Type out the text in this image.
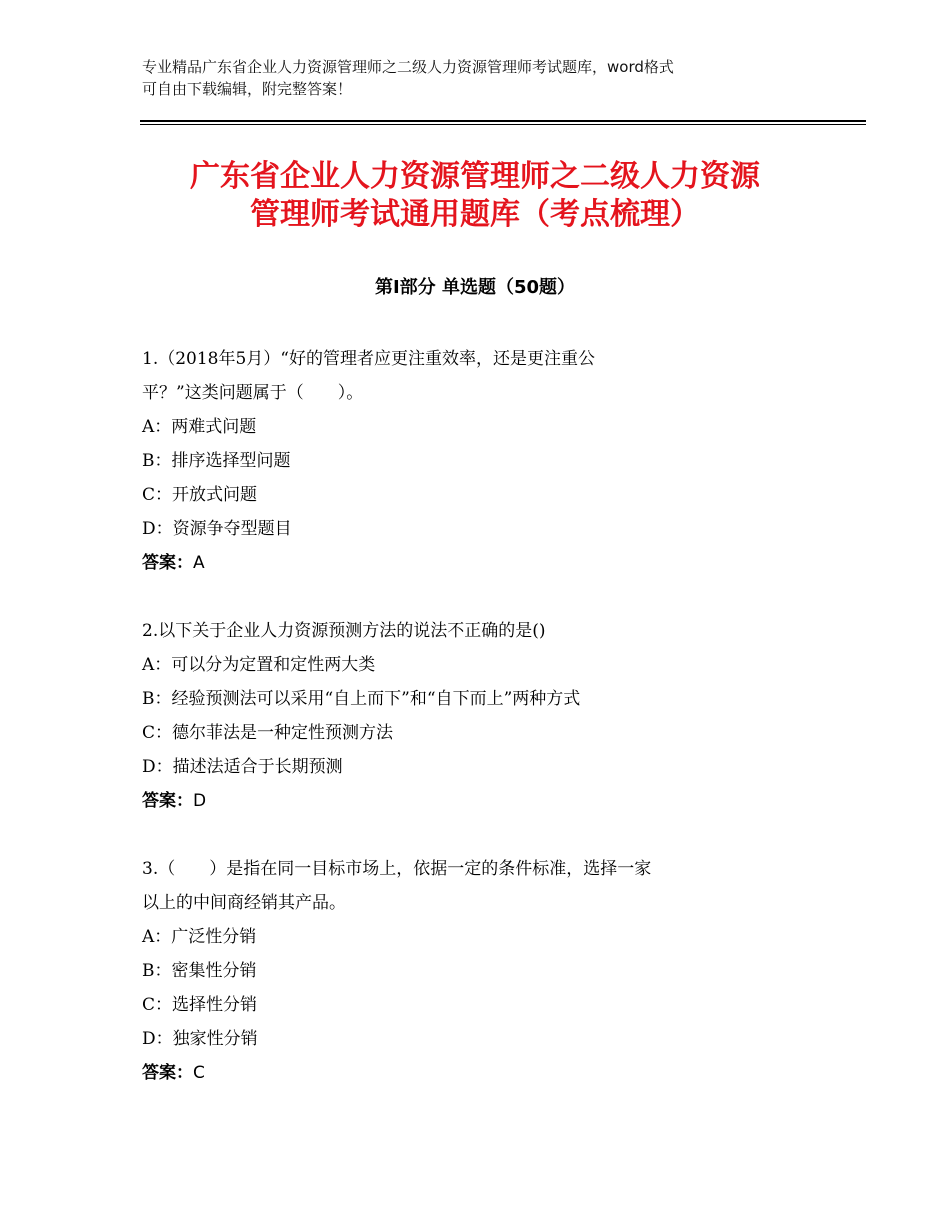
专业精品广东省企业人力资源管理师之二级人力资源管理师考试题库，word格式
可自由下载编辑，附完整答案！
广东省企业人力资源管理师之二级人力资源
管理师考试通用题库（考点梳理）
第Ⅰ部分 单选题（50题）
1.（2018年5月）“好的管理者应更注重效率，还是更注重公
平？”这类问题属于（　　）。
A：两难式问题
B：排序选择型问题
C：开放式问题
D：资源争夺型题目
答案：A
2.以下关于企业人力资源预测方法的说法不正确的是()
A：可以分为定置和定性两大类
B：经验预测法可以采用“自上而下”和“自下而上”两种方式
C：德尔菲法是一种定性预测方法
D：描述法适合于长期预测
答案：D
3.（　　）是指在同一目标市场上，依据一定的条件标准，选择一家
以上的中间商经销其产品。
A：广泛性分销
B：密集性分销
C：选择性分销
D：独家性分销
答案：C
